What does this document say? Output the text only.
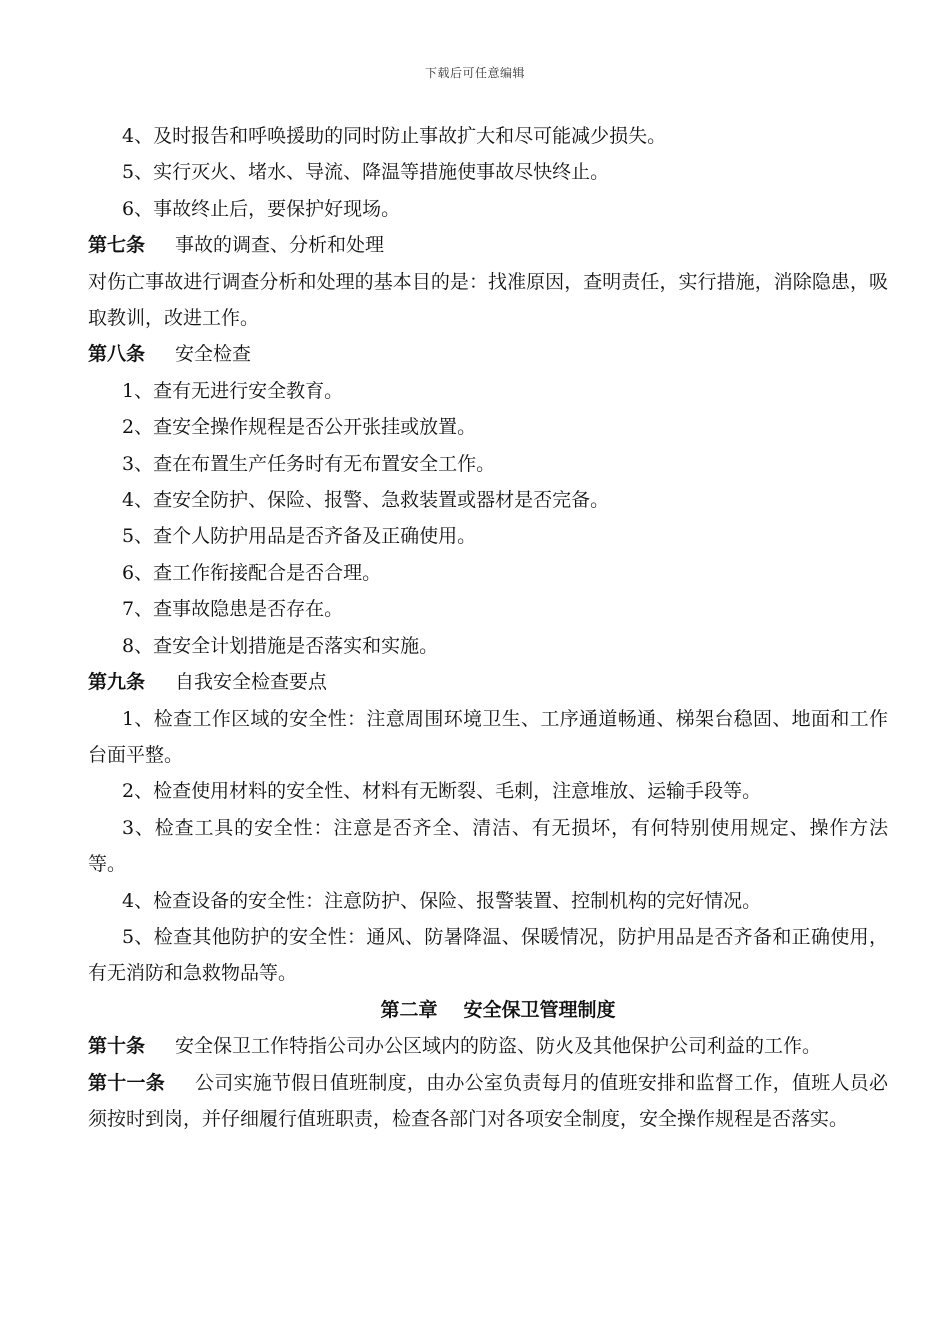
下载后可任意编辑

4、及时报告和呼唤援助的同时防止事故扩大和尽可能减少损失。

5、实行灭火、堵水、导流、降温等措施使事故尽快终止。

6、事故终止后，要保护好现场。

第七条 事故的调查、分析和处理

对伤亡事故进行调查分析和处理的基本目的是：找准原因，查明责任，实行措施，消除隐患，吸取教训，改进工作。

第八条 安全检查

1、查有无进行安全教育。

2、查安全操作规程是否公开张挂或放置。

3、查在布置生产任务时有无布置安全工作。

4、查安全防护、保险、报警、急救装置或器材是否完备。

5、查个人防护用品是否齐备及正确使用。

6、查工作衔接配合是否合理。

7、查事故隐患是否存在。

8、查安全计划措施是否落实和实施。

第九条 自我安全检查要点

1、检查工作区域的安全性：注意周围环境卫生、工序通道畅通、梯架台稳固、地面和工作台面平整。

2、检查使用材料的安全性、材料有无断裂、毛刺，注意堆放、运输手段等。

3、检查工具的安全性：注意是否齐全、清洁、有无损坏，有何特别使用规定、操作方法等。

4、检查设备的安全性：注意防护、保险、报警装置、控制机构的完好情况。

5、检查其他防护的安全性：通风、防暑降温、保暖情况，防护用品是否齐备和正确使用，有无消防和急救物品等。

第二章 安全保卫管理制度

第十条 安全保卫工作特指公司办公区域内的防盗、防火及其他保护公司利益的工作。

第十一条 公司实施节假日值班制度，由办公室负责每月的值班安排和监督工作，值班人员必须按时到岗，并仔细履行值班职责，检查各部门对各项安全制度，安全操作规程是否落实。
